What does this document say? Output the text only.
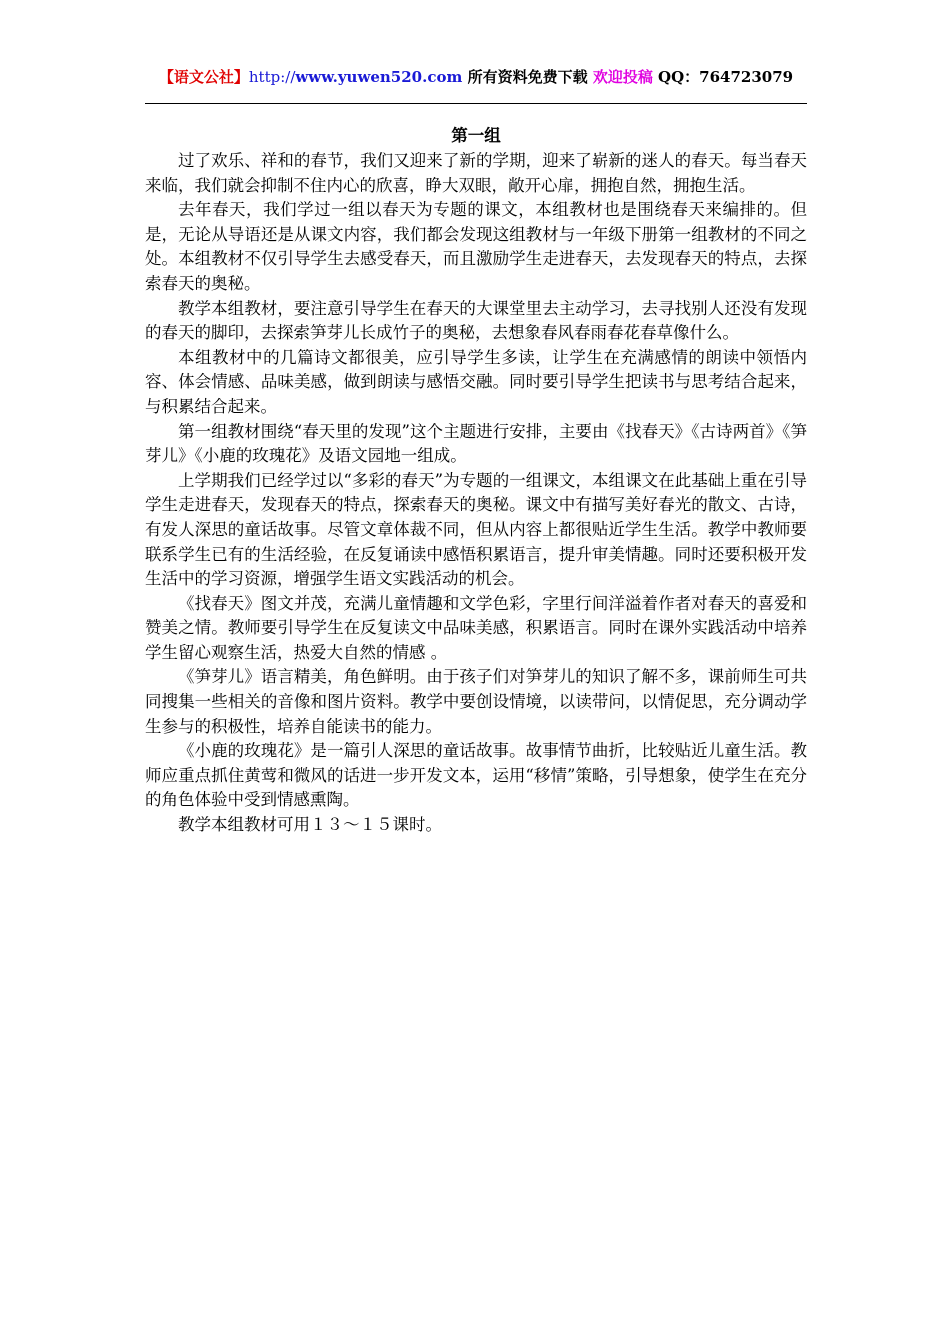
【语文公社】http://www.yuwen520.com 所有资料免费下载 欢迎投稿 QQ：764723079
第一组

过了欢乐、祥和的春节，我们又迎来了新的学期，迎来了崭新的迷人的春天。每当春天来临，我们就会抑制不住内心的欣喜，睁大双眼，敞开心扉，拥抱自然，拥抱生活。

去年春天，我们学过一组以春天为专题的课文，本组教材也是围绕春天来编排的。但是，无论从导语还是从课文内容，我们都会发现这组教材与一年级下册第一组教材的不同之处。本组教材不仅引导学生去感受春天，而且激励学生走进春天，去发现春天的特点，去探索春天的奥秘。

教学本组教材，要注意引导学生在春天的大课堂里去主动学习，去寻找别人还没有发现的春天的脚印，去探索笋芽儿长成竹子的奥秘，去想象春风春雨春花春草像什么。

本组教材中的几篇诗文都很美，应引导学生多读，让学生在充满感情的朗读中领悟内容、体会情感、品味美感，做到朗读与感悟交融。同时要引导学生把读书与思考结合起来，与积累结合起来。

第一组教材围绕“春天里的发现”这个主题进行安排，主要由《找春天》《古诗两首》《笋芽儿》《小鹿的玫瑰花》及语文园地一组成。

上学期我们已经学过以“多彩的春天”为专题的一组课文，本组课文在此基础上重在引导学生走进春天，发现春天的特点，探索春天的奥秘。课文中有描写美好春光的散文、古诗，有发人深思的童话故事。尽管文章体裁不同，但从内容上都很贴近学生生活。教学中教师要联系学生已有的生活经验，在反复诵读中感悟积累语言，提升审美情趣。同时还要积极开发生活中的学习资源，增强学生语文实践活动的机会。

《找春天》图文并茂，充满儿童情趣和文学色彩，字里行间洋溢着作者对春天的喜爱和赞美之情。教师要引导学生在反复读文中品味美感，积累语言。同时在课外实践活动中培养学生留心观察生活，热爱大自然的情感 。

《笋芽儿》语言精美，角色鲜明。由于孩子们对笋芽儿的知识了解不多，课前师生可共同搜集一些相关的音像和图片资料。教学中要创设情境，以读带问，以情促思，充分调动学生参与的积极性，培养自能读书的能力。

《小鹿的玫瑰花》是一篇引人深思的童话故事。故事情节曲折，比较贴近儿童生活。教师应重点抓住黄莺和微风的话进一步开发文本，运用“移情”策略，引导想象，使学生在充分的角色体验中受到情感熏陶。

教学本组教材可用１３～１５课时。
